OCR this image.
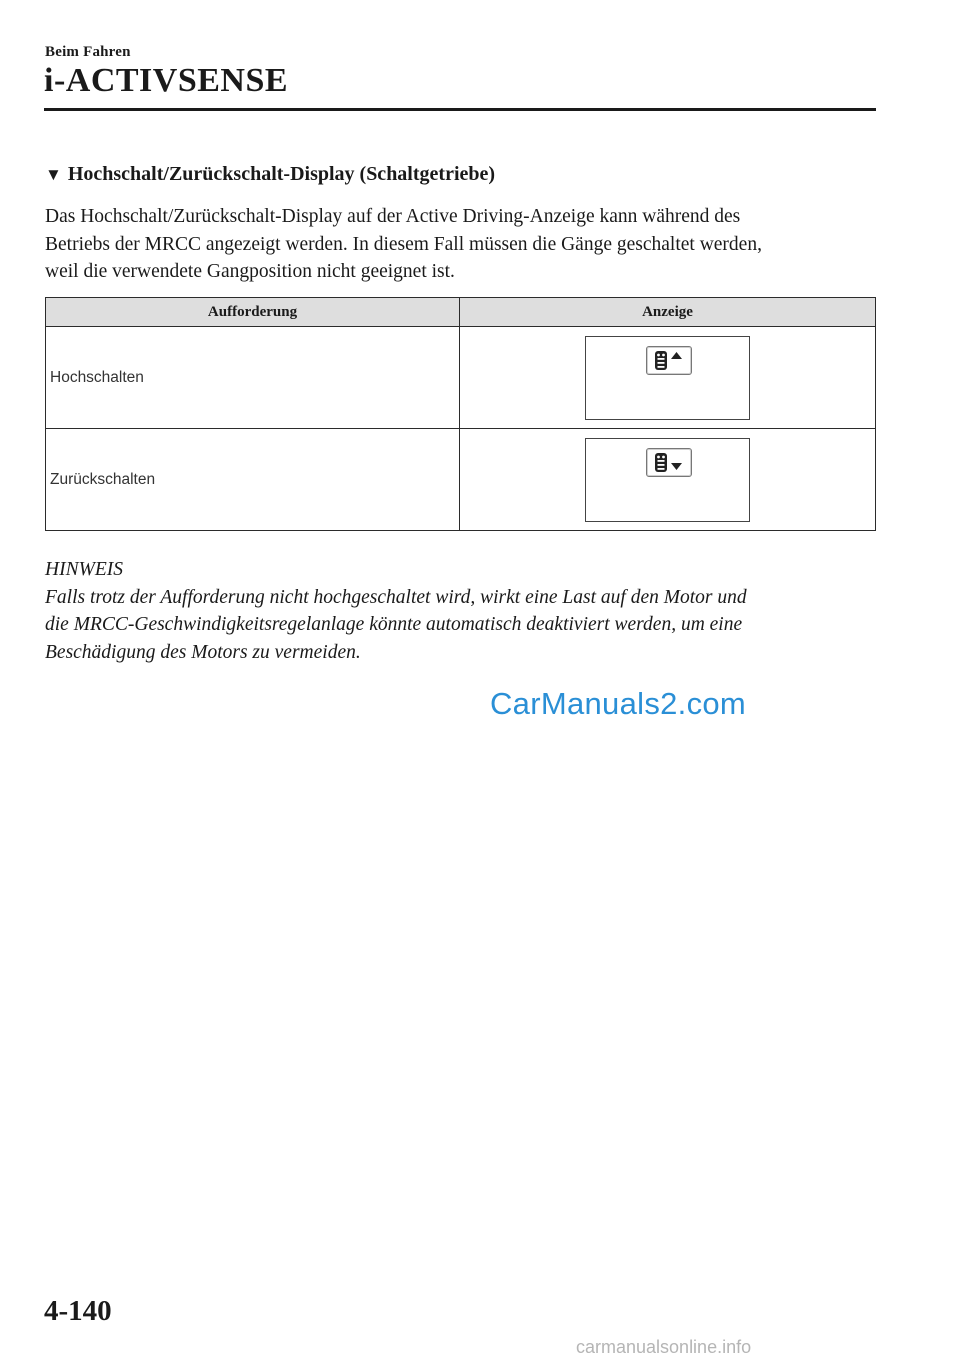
Beim Fahren
i-ACTIVSENSE
▼ Hochschalt/Zurückschalt-Display (Schaltgetriebe)

Das Hochschalt/Zurückschalt-Display auf der Active Driving-Anzeige kann während des

Betriebs der MRCC angezeigt werden. In diesem Fall müssen die Gänge geschaltet werden,

weil die verwendete Gangposition nicht geeignet ist.

Aufforderung	Anzeige
Hochschalten	

Zurückschalten	

HINWEIS

Falls trotz der Aufforderung nicht hochgeschaltet wird, wirkt eine Last auf den Motor und

die MRCC-Geschwindigkeitsregelanlage könnte automatisch deaktiviert werden, um eine

Beschädigung des Motors zu vermeiden.

CarManuals2.com
4-140
carmanualsonline.info
